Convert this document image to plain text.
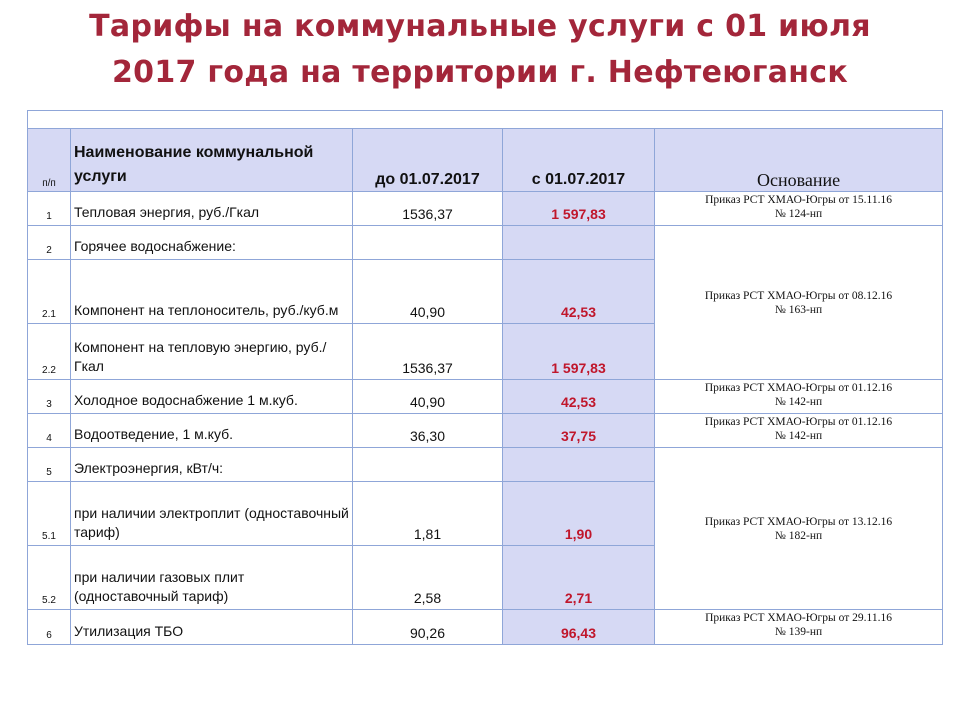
Тарифы на коммунальные услуги с 01 июля
2017 года на территории г. Нефтеюганск

п/п	Наименование коммунальной услуги	до 01.07.2017	с 01.07.2017	Основание
1	Тепловая энергия, руб./Гкал	1536,37	1 597,83	Приказ РСТ ХМАО-Югры от 15.11.16
№ 124-нп

2	Горячее водоснабжение:			Приказ РСТ ХМАО-Югры от 08.12.16
№ 163-нп

2.1	Компонент на теплоноситель, руб./куб.м	40,90	42,53	
2.2	Компонент на тепловую энергию, руб./Гкал	1536,37	1 597,83	
3	Холодное водоснабжение 1 м.куб.	40,90	42,53	Приказ РСТ ХМАО-Югры от 01.12.16
№ 142-нп

4	Водоотведение, 1 м.куб.	36,30	37,75	Приказ РСТ ХМАО-Югры от 01.12.16
№ 142-нп

5	Электроэнергия, кВт/ч:			Приказ РСТ ХМАО-Югры от 13.12.16
№ 182-нп

5.1	при наличии электроплит (одноставочный тариф)	1,81	1,90	
5.2	при наличии газовых плит (одноставочный тариф)	2,58	2,71	
6	Утилизация ТБО	90,26	96,43	Приказ РСТ ХМАО-Югры от 29.11.16
№ 139-нп
